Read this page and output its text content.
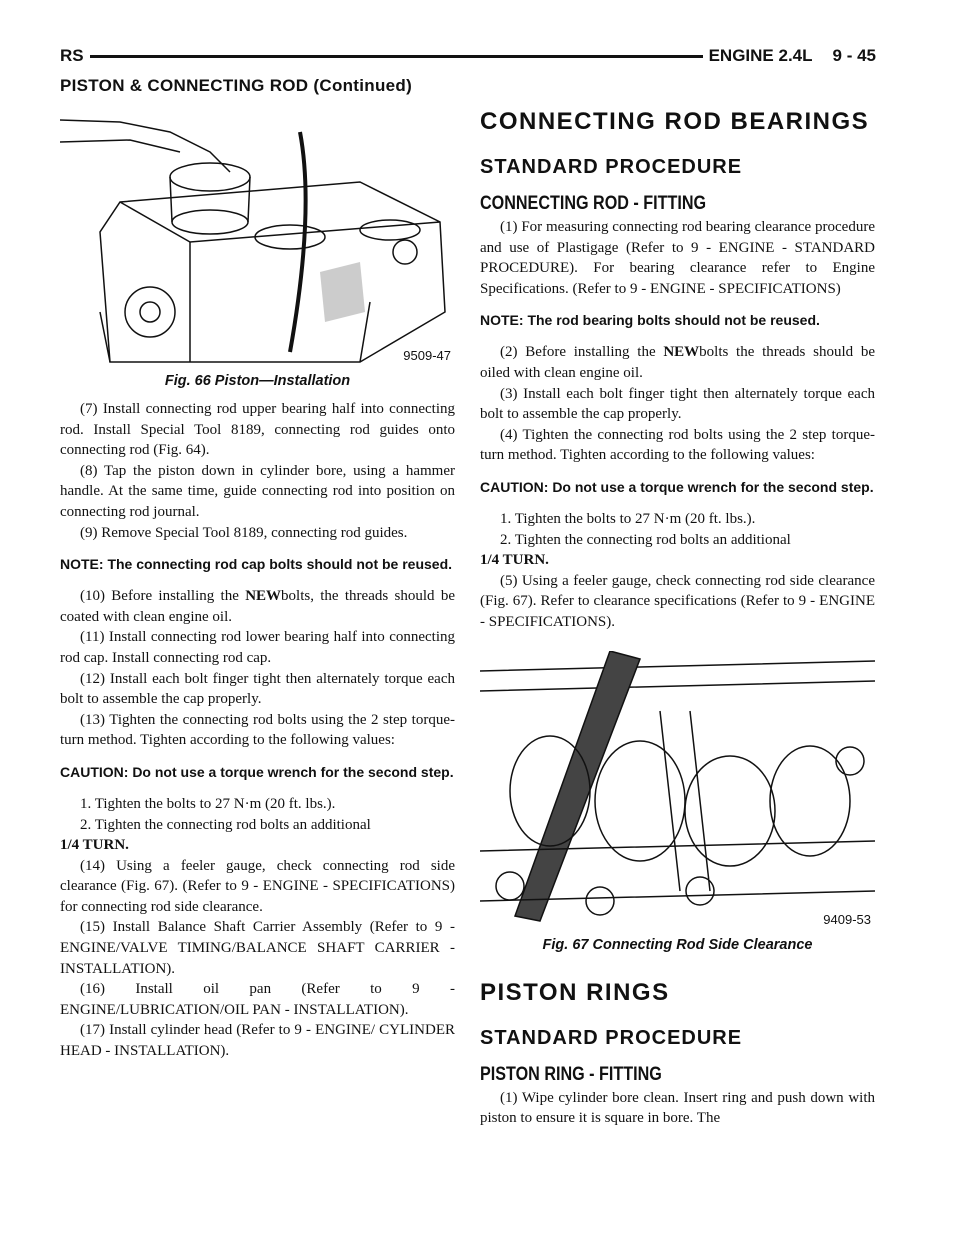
RS	ENGINE 2.4L 9 - 45
PISTON & CONNECTING ROD (Continued)
9509-47
Fig. 66 Piston—Installation

(7) Install connecting rod upper bearing half into connecting rod. Install Special Tool 8189, connecting rod guides onto connecting rod (Fig. 64).

(8) Tap the piston down in cylinder bore, using a hammer handle. At the same time, guide connecting rod into position on connecting rod journal.

(9) Remove Special Tool 8189, connecting rod guides.

NOTE: The connecting rod cap bolts should not be reused.

(10) Before installing the NEWbolts, the threads should be coated with clean engine oil.

(11) Install connecting rod lower bearing half into connecting rod cap. Install connecting rod cap.

(12) Install each bolt finger tight then alternately torque each bolt to assemble the cap properly.

(13) Tighten the connecting rod bolts using the 2 step torque-turn method. Tighten according to the following values:

CAUTION: Do not use a torque wrench for the second step.

1. Tighten the bolts to 27 N·m (20 ft. lbs.).

2. Tighten the connecting rod bolts an additional

1/4 TURN.

(14) Using a feeler gauge, check connecting rod side clearance (Fig. 67). (Refer to 9 - ENGINE - SPECIFICATIONS) for connecting rod side clearance.

(15) Install Balance Shaft Carrier Assembly (Refer to 9 - ENGINE/VALVE TIMING/BALANCE SHAFT CARRIER - INSTALLATION).

(16) Install oil pan (Refer to 9 - ENGINE/LUBRICATION/OIL PAN - INSTALLATION).

(17) Install cylinder head (Refer to 9 - ENGINE/ CYLINDER HEAD - INSTALLATION).

CONNECTING ROD BEARINGS
STANDARD PROCEDURE
CONNECTING ROD - FITTING

(1) For measuring connecting rod bearing clearance procedure and use of Plastigage (Refer to 9 - ENGINE - STANDARD PROCEDURE). For bearing clearance refer to Engine Specifications. (Refer to 9 - ENGINE - SPECIFICATIONS)

NOTE: The rod bearing bolts should not be reused.

(2) Before installing the NEWbolts the threads should be oiled with clean engine oil.

(3) Install each bolt finger tight then alternately torque each bolt to assemble the cap properly.

(4) Tighten the connecting rod bolts using the 2 step torque-turn method. Tighten according to the following values:

CAUTION: Do not use a torque wrench for the second step.

1. Tighten the bolts to 27 N·m (20 ft. lbs.).

2. Tighten the connecting rod bolts an additional

1/4 TURN.

(5) Using a feeler gauge, check connecting rod side clearance (Fig. 67). Refer to clearance specifications (Refer to 9 - ENGINE - SPECIFICATIONS).

9409-53
Fig. 67 Connecting Rod Side Clearance
PISTON RINGS
STANDARD PROCEDURE
PISTON RING - FITTING

(1) Wipe cylinder bore clean. Insert ring and push down with piston to ensure it is square in bore. The
